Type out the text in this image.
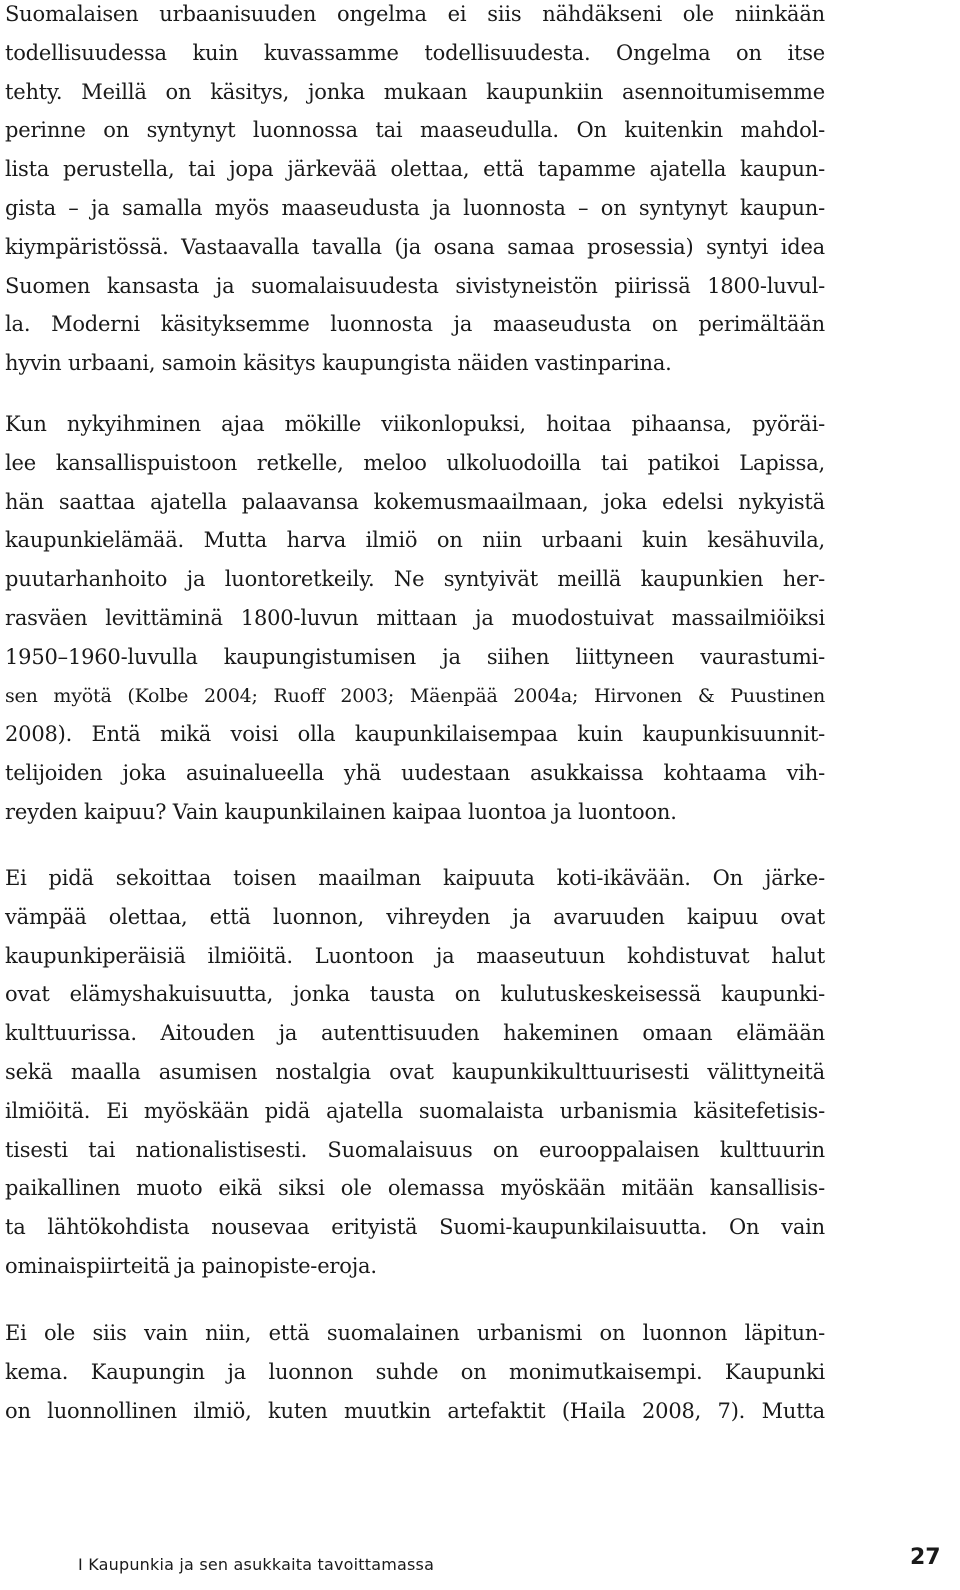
Suomalaisen urbaanisuuden ongelma ei siis nähdäkseni ole niinkään
todellisuudessa kuin kuvassamme todellisuudesta. Ongelma on itse
tehty. Meillä on käsitys, jonka mukaan kaupunkiin asennoitumisemme
perinne on syntynyt luonnossa tai maaseudulla. On kuitenkin mahdol-
lista perustella, tai jopa järkevää olettaa, että tapamme ajatella kaupun-
gista – ja samalla myös maaseudusta ja luonnosta – on syntynyt kaupun-
kiympäristössä. Vastaavalla tavalla (ja osana samaa prosessia) syntyi idea
Suomen kansasta ja suomalaisuudesta sivistyneistön piirissä 1800-luvul-
la. Moderni käsityksemme luonnosta ja maaseudusta on perimältään
hyvin urbaani, samoin käsitys kaupungista näiden vastinparina.
Kun nykyihminen ajaa mökille viikonlopuksi, hoitaa pihaansa, pyöräi-
lee kansallispuistoon retkelle, meloo ulkoluodoilla tai patikoi Lapissa,
hän saattaa ajatella palaavansa kokemusmaailmaan, joka edelsi nykyistä
kaupunkielämää. Mutta harva ilmiö on niin urbaani kuin kesähuvila,
puutarhanhoito ja luontoretkeily. Ne syntyivät meillä kaupunkien her-
rasväen levittäminä 1800-luvun mittaan ja muodostuivat massailmiöiksi
1950–1960-luvulla kaupungistumisen ja siihen liittyneen vaurastumi-
sen myötä (Kolbe 2004; Ruoff 2003; Mäenpää 2004a; Hirvonen & Puustinen
2008). Entä mikä voisi olla kaupunkilaisempaa kuin kaupunkisuunnit-
telijoiden joka asuinalueella yhä uudestaan asukkaissa kohtaama vih-
reyden kaipuu? Vain kaupunkilainen kaipaa luontoa ja luontoon.
Ei pidä sekoittaa toisen maailman kaipuuta koti-ikävään. On järke-
vämpää olettaa, että luonnon, vihreyden ja avaruuden kaipuu ovat
kaupunkiperäisiä ilmiöitä. Luontoon ja maaseutuun kohdistuvat halut
ovat elämyshakuisuutta, jonka tausta on kulutuskeskeisessä kaupunki-
kulttuurissa. Aitouden ja autenttisuuden hakeminen omaan elämään
sekä maalla asumisen nostalgia ovat kaupunkikulttuurisesti välittyneitä
ilmiöitä. Ei myöskään pidä ajatella suomalaista urbanismia käsitefetisis-
tisesti tai nationalistisesti. Suomalaisuus on eurooppalaisen kulttuurin
paikallinen muoto eikä siksi ole olemassa myöskään mitään kansallisis-
ta lähtökohdista nousevaa erityistä Suomi-kaupunkilaisuutta. On vain
ominaispiirteitä ja painopiste-eroja.
Ei ole siis vain niin, että suomalainen urbanismi on luonnon läpitun-
kema. Kaupungin ja luonnon suhde on monimutkaisempi. Kaupunki
on luonnollinen ilmiö, kuten muutkin artefaktit (Haila 2008, 7). Mutta
I Kaupunkia ja sen asukkaita tavoittamassa	27
